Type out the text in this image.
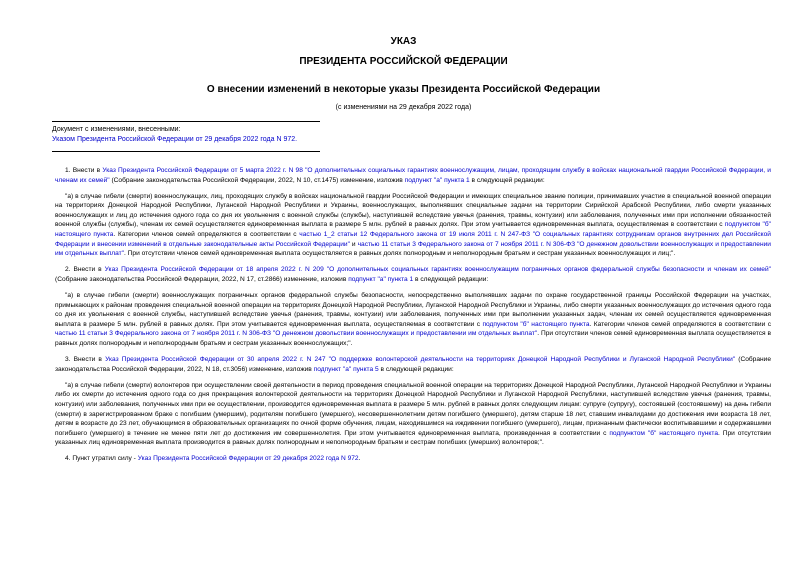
УКАЗ
ПРЕЗИДЕНТА РОССИЙСКОЙ ФЕДЕРАЦИИ
О внесении изменений в некоторые указы Президента Российской Федерации
(с изменениями на 29 декабря 2022 года)
Документ с изменениями, внесенными:
Указом Президента Российской Федерации от 29 декабря 2022 года N 972.

1. Внести в Указ Президента Российской Федерации от 5 марта 2022 г. N 98 "О дополнительных социальных гарантиях военнослужащим, лицам, проходящим службу в войсках национальной гвардии Российской Федерации, и членам их семей" (Собрание законодательства Российской Федерации, 2022, N 10, ст.1475) изменение, изложив подпункт "а" пункта 1 в следующей редакции:

"а) в случае гибели (смерти) военнослужащих, лиц, проходящих службу в войсках национальной гвардии Российской Федерации и имеющих специальное звание полиции, принимавших участие в специальной военной операции на территориях Донецкой Народной Республики, Луганской Народной Республики и Украины, военнослужащих, выполнявших специальные задачи на территории Сирийской Арабской Республики, либо смерти указанных военнослужащих и лиц до истечения одного года со дня их увольнения с военной службы (службы), наступившей вследствие увечья (ранения, травмы, контузии) или заболевания, полученных ими при исполнении обязанностей военной службы (службы), членам их семей осуществляется единовременная выплата в размере 5 млн. рублей в равных долях. При этом учитывается единовременная выплата, осуществляемая в соответствии с подпунктом "б" настоящего пункта. Категории членов семей определяются в соответствии с частью 1_2 статьи 12 Федерального закона от 19 июля 2011 г. N 247-ФЗ "О социальных гарантиях сотрудникам органов внутренних дел Российской Федерации и внесении изменений в отдельные законодательные акты Российской Федерации" и частью 11 статьи 3 Федерального закона от 7 ноября 2011 г. N 306-ФЗ "О денежном довольствии военнослужащих и предоставлении им отдельных выплат". При отсутствии членов семей единовременная выплата осуществляется в равных долях полнородным и неполнородным братьям и сестрам указанных военнослужащих и лиц;".

2. Внести в Указ Президента Российской Федерации от 18 апреля 2022 г. N 209 "О дополнительных социальных гарантиях военнослужащим пограничных органов федеральной службы безопасности и членам их семей" (Собрание законодательства Российской Федерации, 2022, N 17, ст.2866) изменение, изложив подпункт "а" пункта 1 в следующей редакции:

"а) в случае гибели (смерти) военнослужащих пограничных органов федеральной службы безопасности, непосредственно выполнявших задачи по охране государственной границы Российской Федерации на участках, примыкающих к районам проведения специальной военной операции на территориях Донецкой Народной Республики, Луганской Народной Республики и Украины, либо смерти указанных военнослужащих до истечения одного года со дня их увольнения с военной службы, наступившей вследствие увечья (ранения, травмы, контузии) или заболевания, полученных ими при выполнении указанных задач, членам их семей осуществляется единовременная выплата в размере 5 млн. рублей в равных долях. При этом учитывается единовременная выплата, осуществляемая в соответствии с подпунктом "б" настоящего пункта. Категории членов семей определяются в соответствии с частью 11 статьи 3 Федерального закона от 7 ноября 2011 г. N 306-ФЗ "О денежном довольствии военнослужащих и предоставлении им отдельных выплат". При отсутствии членов семей единовременная выплата осуществляется в равных долях полнородным и неполнородным братьям и сестрам указанных военнослужащих;".

3. Внести в Указ Президента Российской Федерации от 30 апреля 2022 г. N 247 "О поддержке волонтерской деятельности на территориях Донецкой Народной Республики и Луганской Народной Республики" (Собрание законодательства Российской Федерации, 2022, N 18, ст.3056) изменение, изложив подпункт "а" пункта 5 в следующей редакции:

"а) в случае гибели (смерти) волонтеров при осуществлении своей деятельности в период проведения специальной военной операции на территориях Донецкой Народной Республики, Луганской Народной Республики и Украины либо их смерти до истечения одного года со дня прекращения волонтерской деятельности на территориях Донецкой Народной Республики и Луганской Народной Республики, наступившей вследствие увечья (ранения, травмы, контузии) или заболевания, полученных ими при ее осуществлении, производится единовременная выплата в размере 5 млн. рублей в равных долях следующим лицам: супруге (супругу), состоявшей (состоявшему) на день гибели (смерти) в зарегистрированном браке с погибшим (умершим), родителям погибшего (умершего), несовершеннолетним детям погибшего (умершего), детям старше 18 лет, ставшим инвалидами до достижения ими возраста 18 лет, детям в возрасте до 23 лет, обучающимся в образовательных организациях по очной форме обучения, лицам, находившимся на иждивении погибшего (умершего), лицам, признанным фактически воспитывавшими и содержавшими погибшего (умершего) в течение не менее пяти лет до достижения им совершеннолетия. При этом учитывается единовременная выплата, произведенная в соответствии с подпунктом "б" настоящего пункта. При отсутствии указанных лиц единовременная выплата производится в равных долях полнородным и неполнородным братьям и сестрам погибших (умерших) волонтеров;".

4. Пункт утратил силу - Указ Президента Российской Федерации от 29 декабря 2022 года N 972.
